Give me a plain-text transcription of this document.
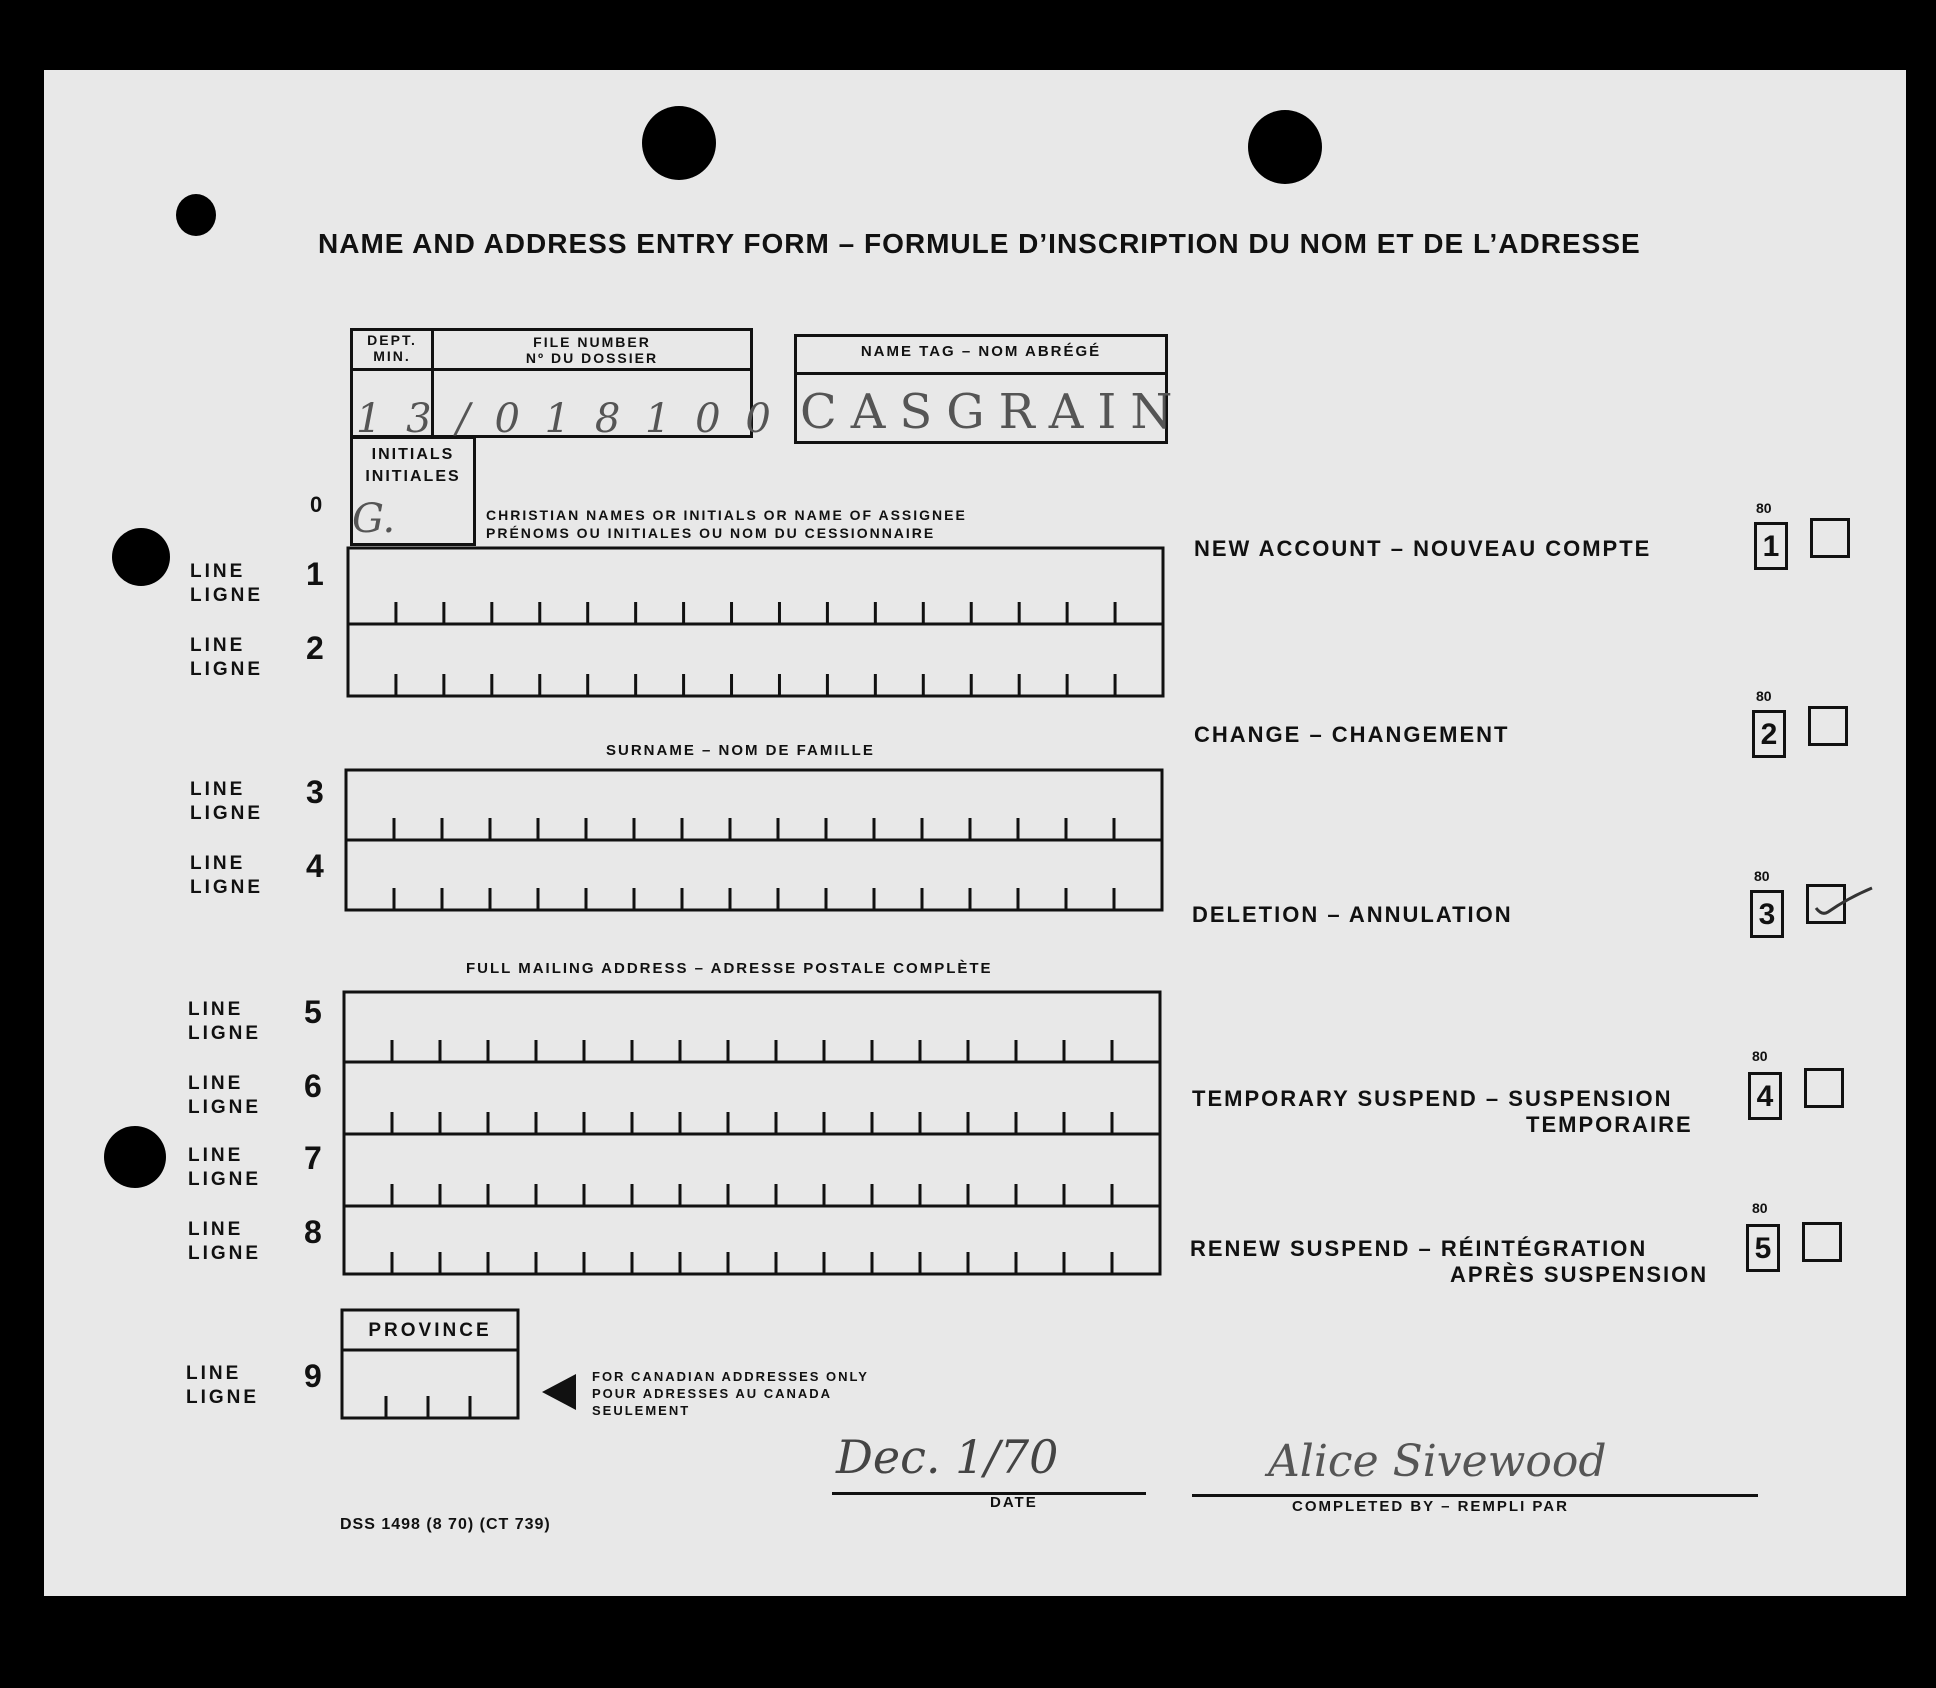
NAME AND ADDRESS ENTRY FORM – FORMULE D’INSCRIPTION DU NOM ET DE L’ADRESSE
DEPT.
MIN.
FILE NUMBER
Nº DU DOSSIER
1 3 / 0 1 8 1 0 0
NAME TAG – NOM ABRÉGÉ
CASGRAIN
INITIALS
INITIALES
G.	CHRISTIAN NAMES OR INITIALS OR NAME OF ASSIGNEE
PRÉNOMS OU INITIALES OU NOM DU CESSIONNAIRE
0
LINE
LIGNE
1
LINE
LIGNE
2
SURNAME – NOM DE FAMILLE
LINE
LIGNE
3
LINE
LIGNE
4
FULL MAILING ADDRESS – ADRESSE POSTALE COMPLÈTE
LINE
LIGNE
5
LINE
LIGNE
6
LINE
LIGNE
7
LINE
LIGNE
8
LINE
LIGNE
9
PROVINCE
FOR CANADIAN ADDRESSES ONLY
POUR ADRESSES AU CANADA
SEULEMENT
NEW ACCOUNT – NOUVEAU COMPTE
80
1
CHANGE – CHANGEMENT
80
2
DELETION – ANNULATION
80
3
TEMPORARY SUSPEND – SUSPENSION
TEMPORAIRE
80
4
RENEW SUSPEND – RÉINTÉGRATION
APRÈS SUSPENSION
80
5
Dec. 1/70
DATE
Alice Sivewood
COMPLETED BY – REMPLI PAR
DSS 1498 (8 70) (CT 739)
